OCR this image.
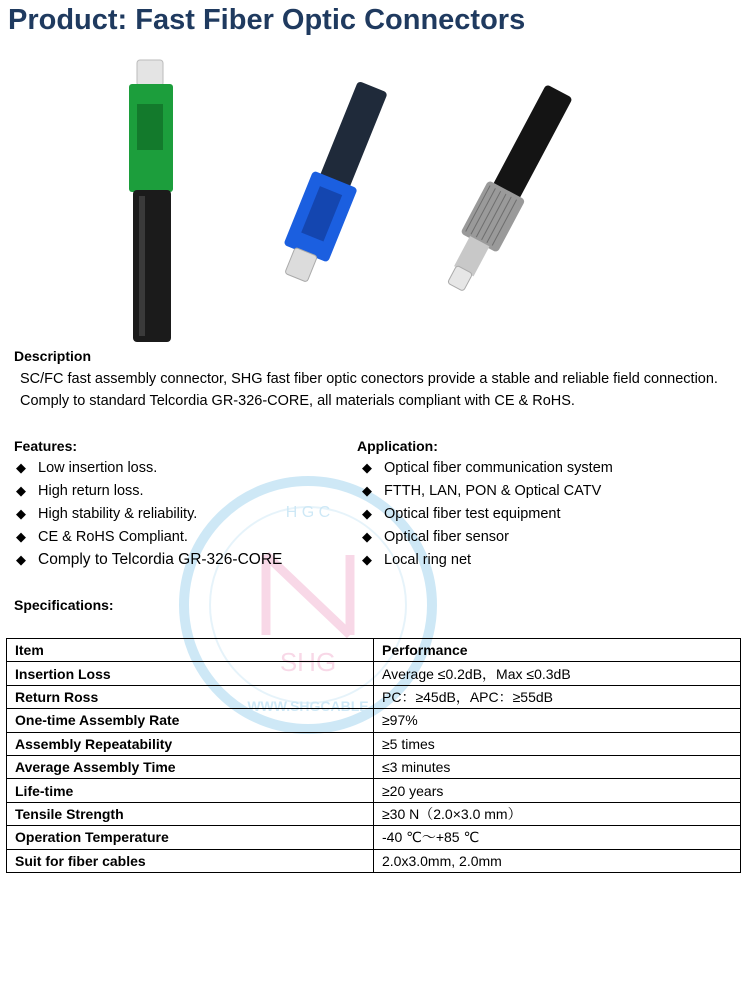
Product: Fast Fiber Optic Connectors
SHG
H G C
WWW.SHGCABLE
Description

SC/FC fast assembly connector, SHG fast fiber optic conectors provide a stable and reliable field connection. Comply to standard Telcordia GR-326-CORE, all materials compliant with CE & RoHS.

Features:
◆ Low insertion loss.
◆ High return loss.
◆ High stability & reliability.
◆ CE & RoHS Compliant.
◆ Comply to Telcordia GR-326-CORE
Application:
◆ Optical fiber communication system
◆ FTTH, LAN, PON & Optical CATV
◆ Optical fiber test equipment
◆ Optical fiber sensor
◆ Local ring net
Specifications:
Item	Performance
Insertion Loss	Average ≤0.2dB，Max ≤0.3dB
Return Ross	PC：≥45dB，APC：≥55dB
One-time Assembly Rate	≥97%
Assembly Repeatability	≥5 times
Average Assembly Time	≤3 minutes
Life-time	≥20 years
Tensile Strength	≥30 N（2.0×3.0 mm）
Operation Temperature	-40 ℃～+85 ℃
Suit for fiber cables	2.0x3.0mm, 2.0mm
